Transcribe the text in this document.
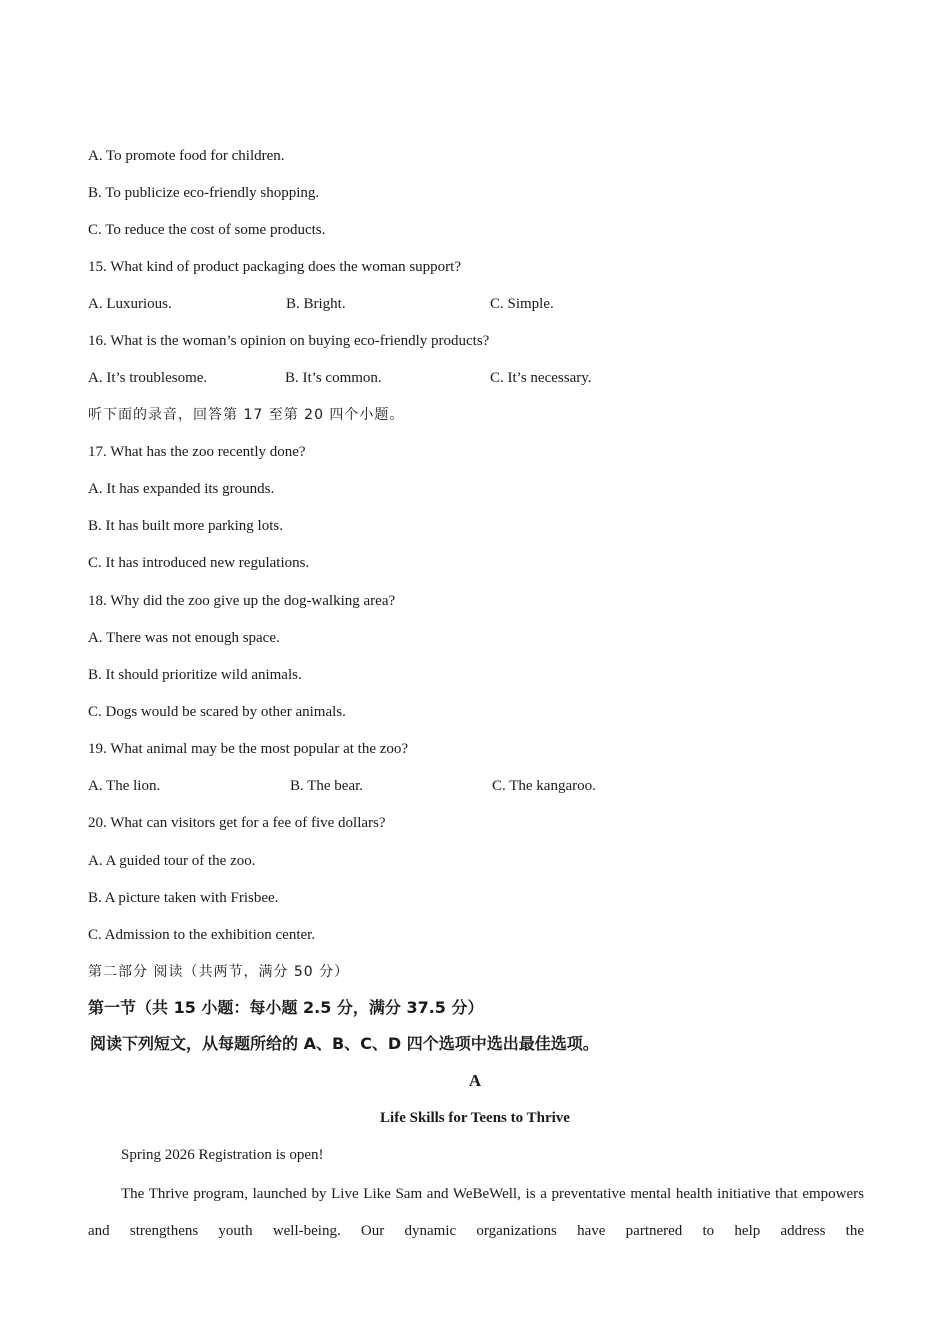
A. To promote food for children.
B. To publicize eco-friendly shopping.
C. To reduce the cost of some products.
15. What kind of product packaging does the woman support?
A. Luxurious.	B. Bright.	C. Simple.
16. What is the woman’s opinion on buying eco-friendly products?
A. It’s troublesome.	B. It’s common.	C. It’s necessary.
听下面的录音，回答第 17 至第 20 四个小题。
17. What has the zoo recently done?
A. It has expanded its grounds.
B. It has built more parking lots.
C. It has introduced new regulations.
18. Why did the zoo give up the dog-walking area?
A. There was not enough space.
B. It should prioritize wild animals.
C. Dogs would be scared by other animals.
19. What animal may be the most popular at the zoo?
A. The lion.	B. The bear.	C. The kangaroo.
20. What can visitors get for a fee of five dollars?
A. A guided tour of the zoo.
B. A picture taken with Frisbee.
C. Admission to the exhibition center.
第二部分 阅读（共两节，满分 50 分）
第一节（共 15 小题：每小题 2.5 分，满分 37.5 分）
阅读下列短文，从每题所给的 A、B、C、D 四个选项中选出最佳选项。
A
Life Skills for Teens to Thrive
Spring 2026 Registration is open!
The Thrive program, launched by Live Like Sam and WeBeWell, is a preventative mental health initiative that empowers and strengthens youth well-being. Our dynamic organizations have partnered to help address the
